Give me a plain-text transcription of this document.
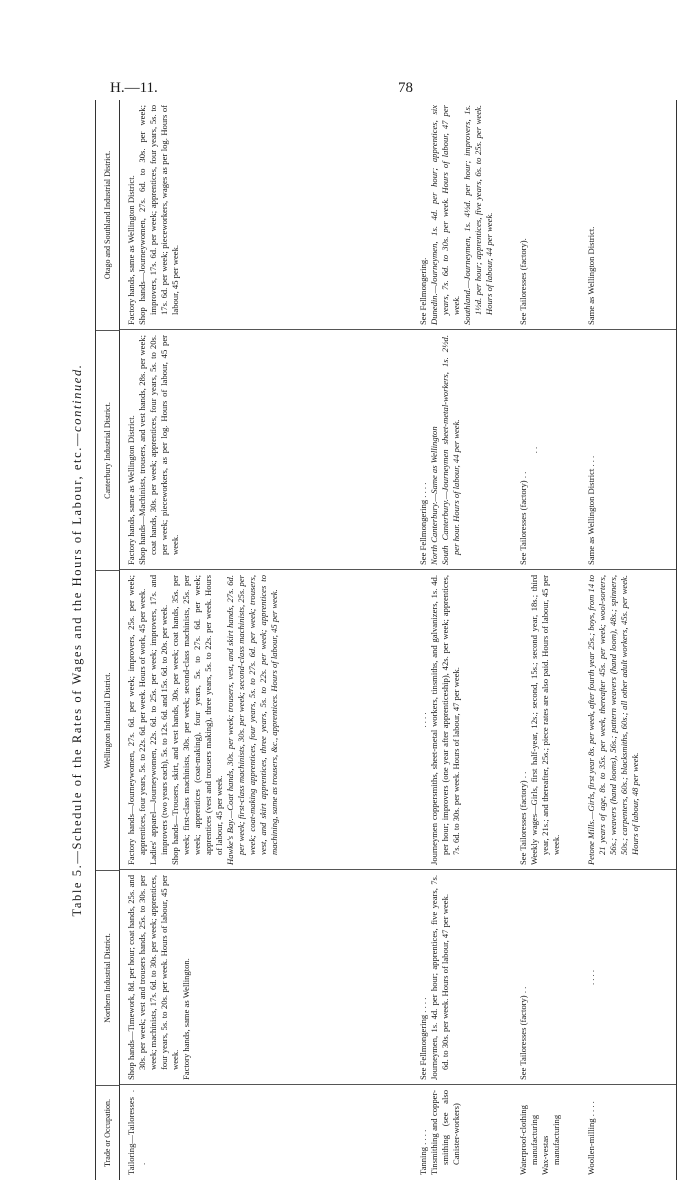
H.—11.	78
Table 5.—Schedule of the Rates of Wages and the Hours of Labour, etc.—continued.
Trade or Occupation.
Northern Industrial District.
Wellington Industrial District.
Canterbury Industrial District.
Otago and Southland Industrial District.

Tailoring—Tailoresses . .

Shop hands—Timework, 8d. per hour; coat hands, 25s. and 30s. per week; vest and trousers hands, 25s. to 30s. per week; machinists, 17s. 6d. to 30s. per week; apprentices, four years, 5s. to 20s. per week. Hours of labour, 45 per week. Factory hands, same as Wellington.

Factory hands—Journeywomen, 27s. 6d. per week; improvers, 25s. per week; apprentices, four years, 5s. to 22s. 6d. per week. Hours of work, 45 per week. Ladies' apparel—Journeywomen, 22s. 6d. to 25s. per week; improvers, 17s. and improvers (two years each), 5s. to 12s. 6d. and 15s. 6d. to 20s. per week. Shop hands—Trousers, skirt, and vest hands, 30s. per week; coat hands, 35s. per week; first-class machinists, 30s. per week; second-class machinists, 25s. per week; apprentices (coat-making), four years, 5s. to 27s. 6d. per week; apprentices (vest and trousers making), three years, 5s. to 22s. per week. Hours of labour, 45 per week. Hawke's Bay.—Coat hands, 30s. per week; trousers, vest, and skirt hands, 27s. 6d. per week; first-class machinists, 30s. per week; second-class machinists, 25s. per week; coat-making apprentices, four years, 5s. to 27s. 6d. per week; trousers, vest, and skirt apprentices, three years, 5s. to 22s. per week; apprentices to machining, same as trousers, &c., apprentices. Hours of labour, 45 per week.

Factory hands, same as Wellington District. Shop hands—Machinists, trousers, and vest hands, 28s. per week; coat hands, 30s. per week; apprentices, four years, 5s. to 20s. per week; pieceworkers, as per log. Hours of labour, 45 per week.

Factory hands, same as Wellington District. Shop hands—Journeywomen, 27s. 6d. to 30s. per week; improvers, 17s. 6d. per week; apprentices, four years, 5s. to 17s. 6d. per week; pieceworkers, wages as per log. Hours of labour, 45 per week.

Tanning . . . . Tinsmithing and copper-smithing (see also Canister-workers)

See Fellmongering . . . . Journeymen, 1s. 4d. per hour; apprentices, five years, 7s. 6d. to 30s. per week. Hours of labour, 47 per week.

. . . . Journeymen coppersmiths, sheet-metal workers, tinsmiths, and galvanizers, 1s. 4d. per hour; improvers (one year after apprenticeship), 42s. per week; apprentices, 7s. 6d. to 30s. per week. Hours of labour, 47 per week.

See Fellmongering . . . . North Canterbury.—Same as Wellington South Canterbury.—Journeymen sheet-metal-workers, 1s. 2½d. per hour. Hours of labour, 44 per week.

See Fellmongering. Dunedin.—Journeymen, 1s. 4d. per hour; apprentices, six years, 7s. 6d. to 30s. per week. Hours of labour, 47 per week. Southland.—Journeymen, 1s. 4½d. per hour; improvers, 1s. 1½d. per hour; apprentices, five years, 6s. to 25s. per week. Hours of labour, 44 per week.

Waterproof-clothing manufacturing Wax-vestas manufacturing

See Tailoresses (factory) . .

See Tailoresses (factory) . . Weekly wages—Girls, first half-year, 12s.; second, 15s.; second year, 18s.; third year, 21s.; and thereafter, 25s.; piece rates are also paid. Hours of labour, 45 per week.

See Tailoresses (factory) . .

. .

See Tailoresses (factory).

Woollen-milling . . . .

. . . .

Petone Mills.—Girls, first year 8s. per week, after fourth year 25s.; boys, from 14 to 21 years of age, 8s. to 35s. per week, thereafter 45s. per week; wool-sorters, 56s.; weavers (hand looms), 56s.; pattern weavers (hand loom), 48s.; spinners, 50s.; carpenters, 60s.; blacksmiths, 60s.; all other adult workers, 45s. per week. Hours of labour, 48 per week.

Same as Wellington District . . .

Same as Wellington District.
